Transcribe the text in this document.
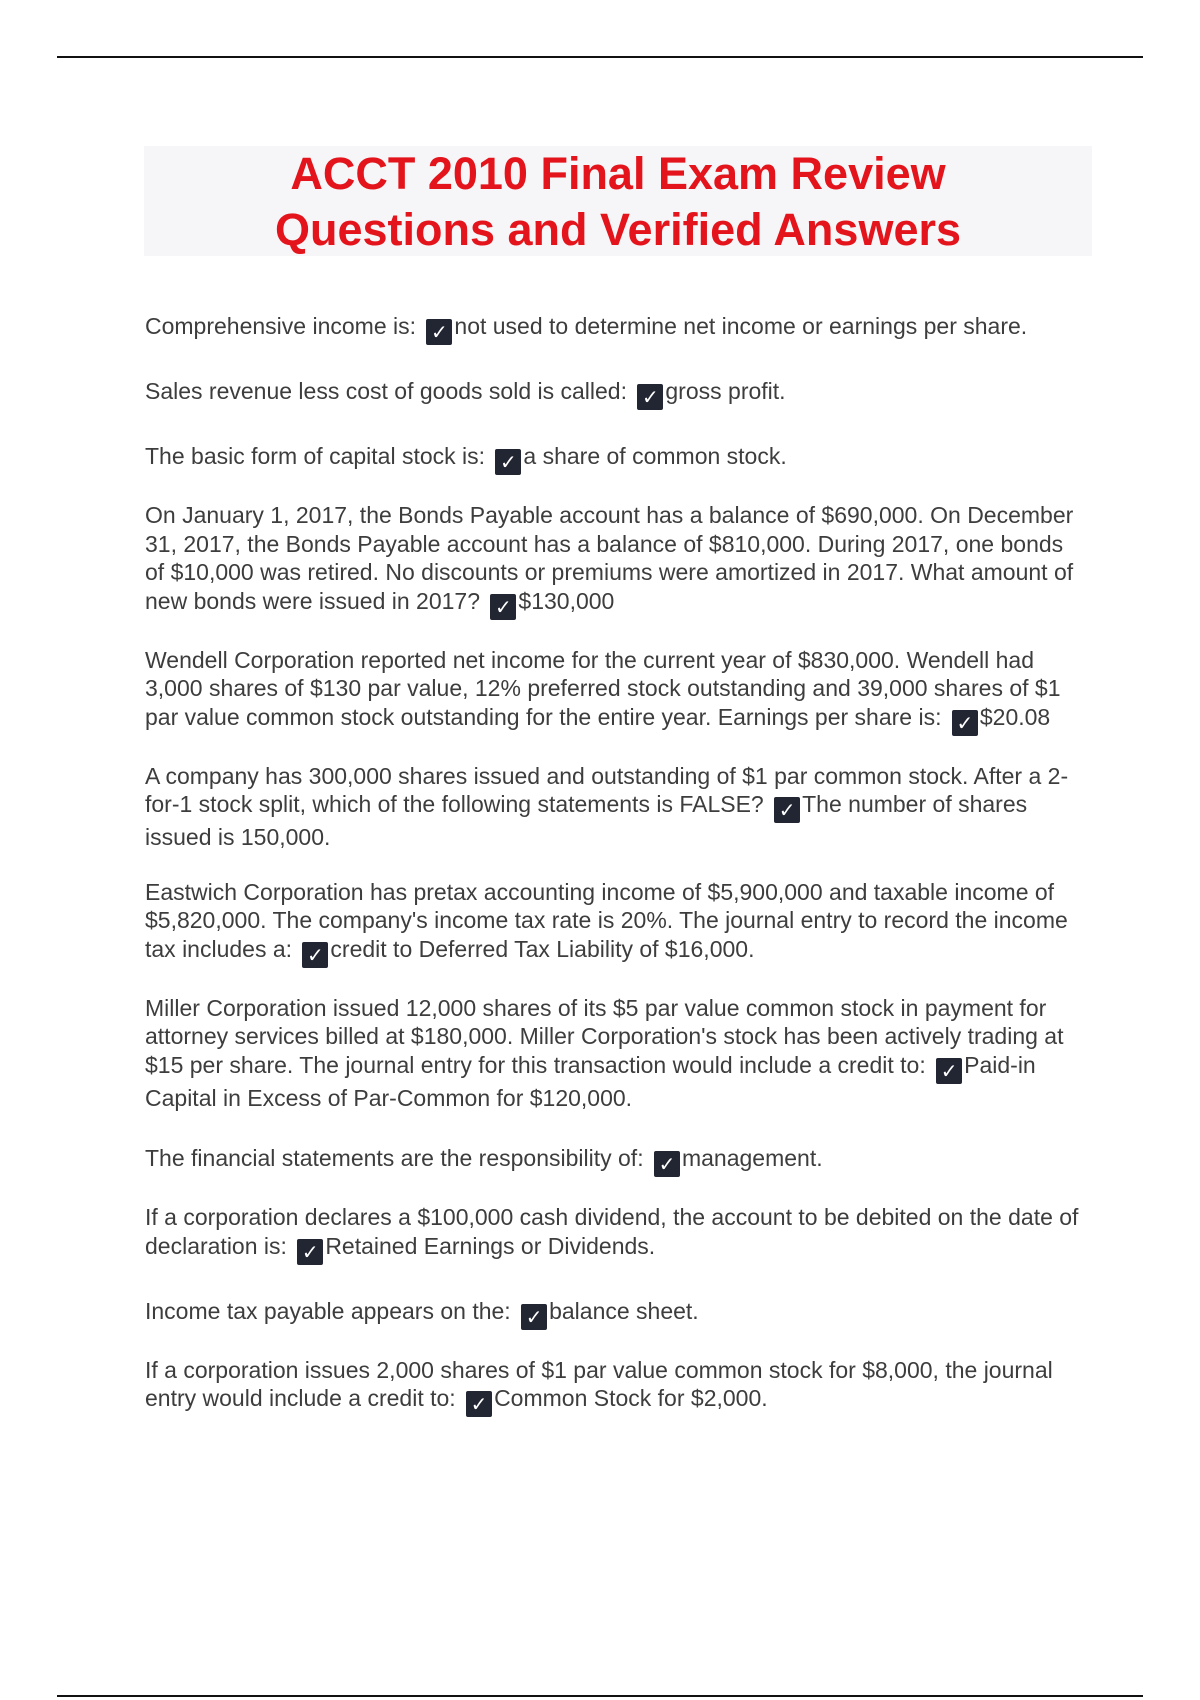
ACCT 2010 Final Exam Review
Questions and Verified Answers

Comprehensive income is: ✓ not used to determine net income or earnings per share.

Sales revenue less cost of goods sold is called: ✓ gross profit.

The basic form of capital stock is: ✓ a share of common stock.

On January 1, 2017, the Bonds Payable account has a balance of $690,000. On December 31, 2017, the Bonds Payable account has a balance of $810,000. During 2017, one bonds of $10,000 was retired. No discounts or premiums were amortized in 2017. What amount of new bonds were issued in 2017? ✓ $130,000

Wendell Corporation reported net income for the current year of $830,000. Wendell had 3,000 shares of $130 par value, 12% preferred stock outstanding and 39,000 shares of $1 par value common stock outstanding for the entire year. Earnings per share is: ✓ $20.08

A company has 300,000 shares issued and outstanding of $1 par common stock. After a 2-for-1 stock split, which of the following statements is FALSE? ✓ The number of shares issued is 150,000.

Eastwich Corporation has pretax accounting income of $5,900,000 and taxable income of $5,820,000. The company's income tax rate is 20%. The journal entry to record the income tax includes a: ✓ credit to Deferred Tax Liability of $16,000.

Miller Corporation issued 12,000 shares of its $5 par value common stock in payment for attorney services billed at $180,000. Miller Corporation's stock has been actively trading at $15 per share. The journal entry for this transaction would include a credit to: ✓ Paid-in Capital in Excess of Par-Common for $120,000.

The financial statements are the responsibility of: ✓ management.

If a corporation declares a $100,000 cash dividend, the account to be debited on the date of declaration is: ✓ Retained Earnings or Dividends.

Income tax payable appears on the: ✓ balance sheet.

If a corporation issues 2,000 shares of $1 par value common stock for $8,000, the journal entry would include a credit to: ✓ Common Stock for $2,000.
